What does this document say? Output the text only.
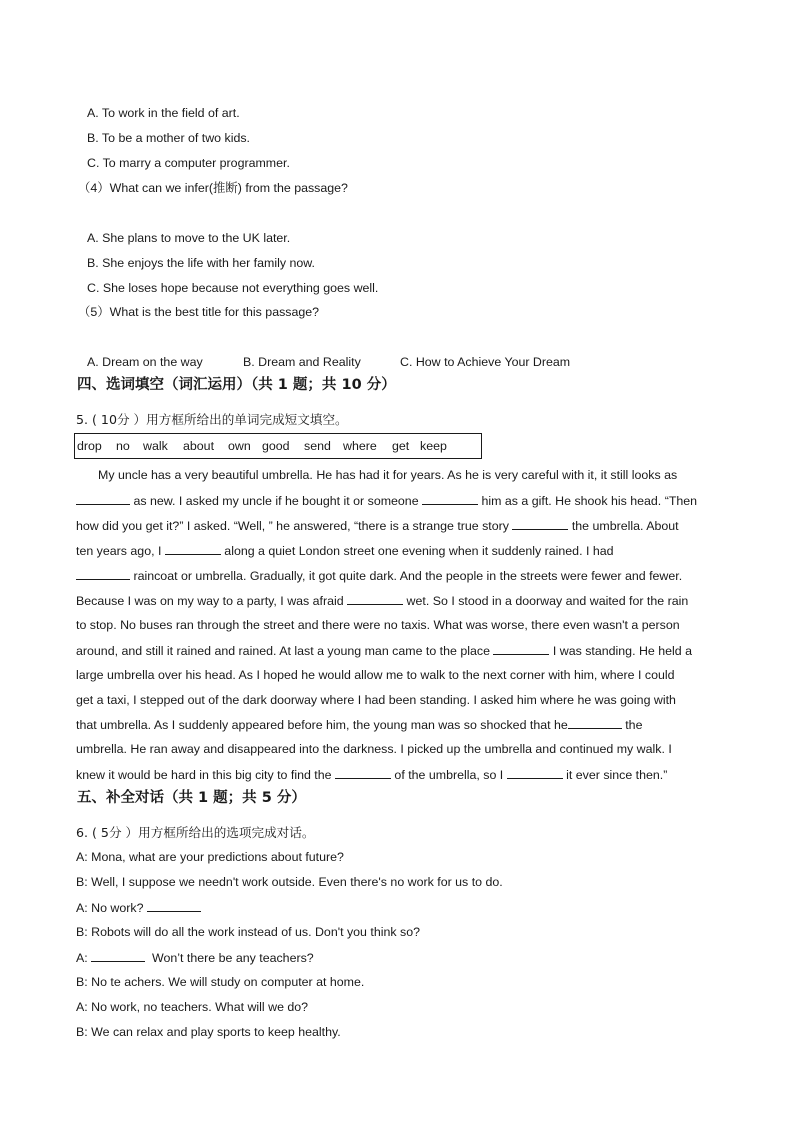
A. To work in the field of art.
B. To be a mother of two kids.
C. To marry a computer programmer.
（4）What can we infer(推断) from the passage?
A. She plans to move to the UK later.
B. She enjoys the life with her family now.
C. She loses hope because not everything goes well.
（5）What is the best title for this passage?
A. Dream on the way	B. Dream and Reality	C. How to Achieve Your Dream
四、选词填空（词汇运用）（共 1 题；共 10 分）
5. ( 10分 ）用方框所给出的单词完成短文填空。
drop no walk about own good send where get keep
My uncle has a very beautiful umbrella. He has had it for years. As he is very careful with it, it still looks as
as new. I asked my uncle if he bought it or someone	him as a gift. He shook his head. “Then
how did you get it?” I asked. “Well, ” he answered, “there is a strange true story	the umbrella. About
ten years ago, I	along a quiet London street one evening when it suddenly rained. I had
raincoat or umbrella. Gradually, it got quite dark. And the people in the streets were fewer and fewer.
Because I was on my way to a party, I was afraid	wet. So I stood in a doorway and waited for the rain
to stop. No buses ran through the street and there were no taxis. What was worse, there even wasn't a person
around, and still it rained and rained. At last a young man came to the place	I was standing. He held a
large umbrella over his head. As I hoped he would allow me to walk to the next corner with him, where I could
get a taxi, I stepped out of the dark doorway where I had been standing. I asked him where he was going with
that umbrella. As I suddenly appeared before him, the young man was so shocked that he	the
umbrella. He ran away and disappeared into the darkness. I picked up the umbrella and continued my walk. I
knew it would be hard in this big city to find the	of the umbrella, so I	it ever since then.”
五、补全对话（共 1 题；共 5 分）
6. ( 5分 ）用方框所给出的选项完成对话。
A: Mona, what are your predictions about future?
B: Well, I suppose we needn't work outside. Even there's no work for us to do.
A: No work?
B: Robots will do all the work instead of us. Don't you think so?
A:	Won’t there be any teachers?
B: No te achers. We will study on computer at home.
A: No work, no teachers. What will we do?
B: We can relax and play sports to keep healthy.
